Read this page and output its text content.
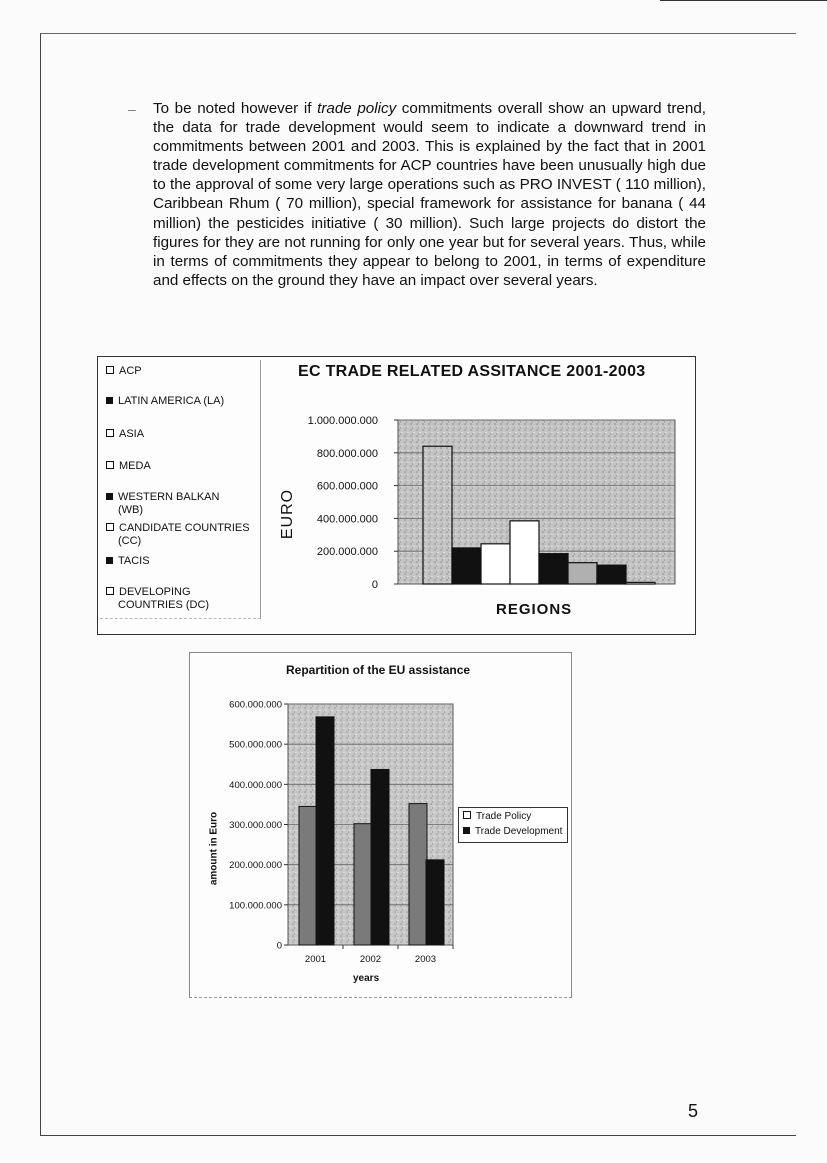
– To be noted however if trade policy commitments overall show an upward trend, the data for trade development would seem to indicate a downward trend in commitments between 2001 and 2003. This is explained by the fact that in 2001 trade development commitments for ACP countries have been unusually high due to the approval of some very large operations such as PRO INVEST ( 110 million), Caribbean Rhum ( 70 million), special framework for assistance for banana ( 44 million) the pesticides initiative ( 30 million). Such large projects do distort the figures for they are not running for only one year but for several years. Thus, while in terms of commitments they appear to belong to 2001, in terms of expenditure and effects on the ground they have an impact over several years.

ACP
LATIN AMERICA (LA)
ASIA
MEDA
WESTERN BALKAN
(WB)
CANDIDATE COUNTRIES
(CC)
TACIS
DEVELOPING
COUNTRIES (DC)
EC TRADE RELATED ASSITANCE 2001-2003
EURO
0
200.000.000
400.000.000
600.000.000
800.000.000
1.000.000.000
REGIONS
Repartition of the EU assistance
amount in Euro
0
100.000.000
200.000.000
300.000.000
400.000.000
500.000.000
600.000.000
2001	2002	2003
years
Trade Policy
Trade Development
5
